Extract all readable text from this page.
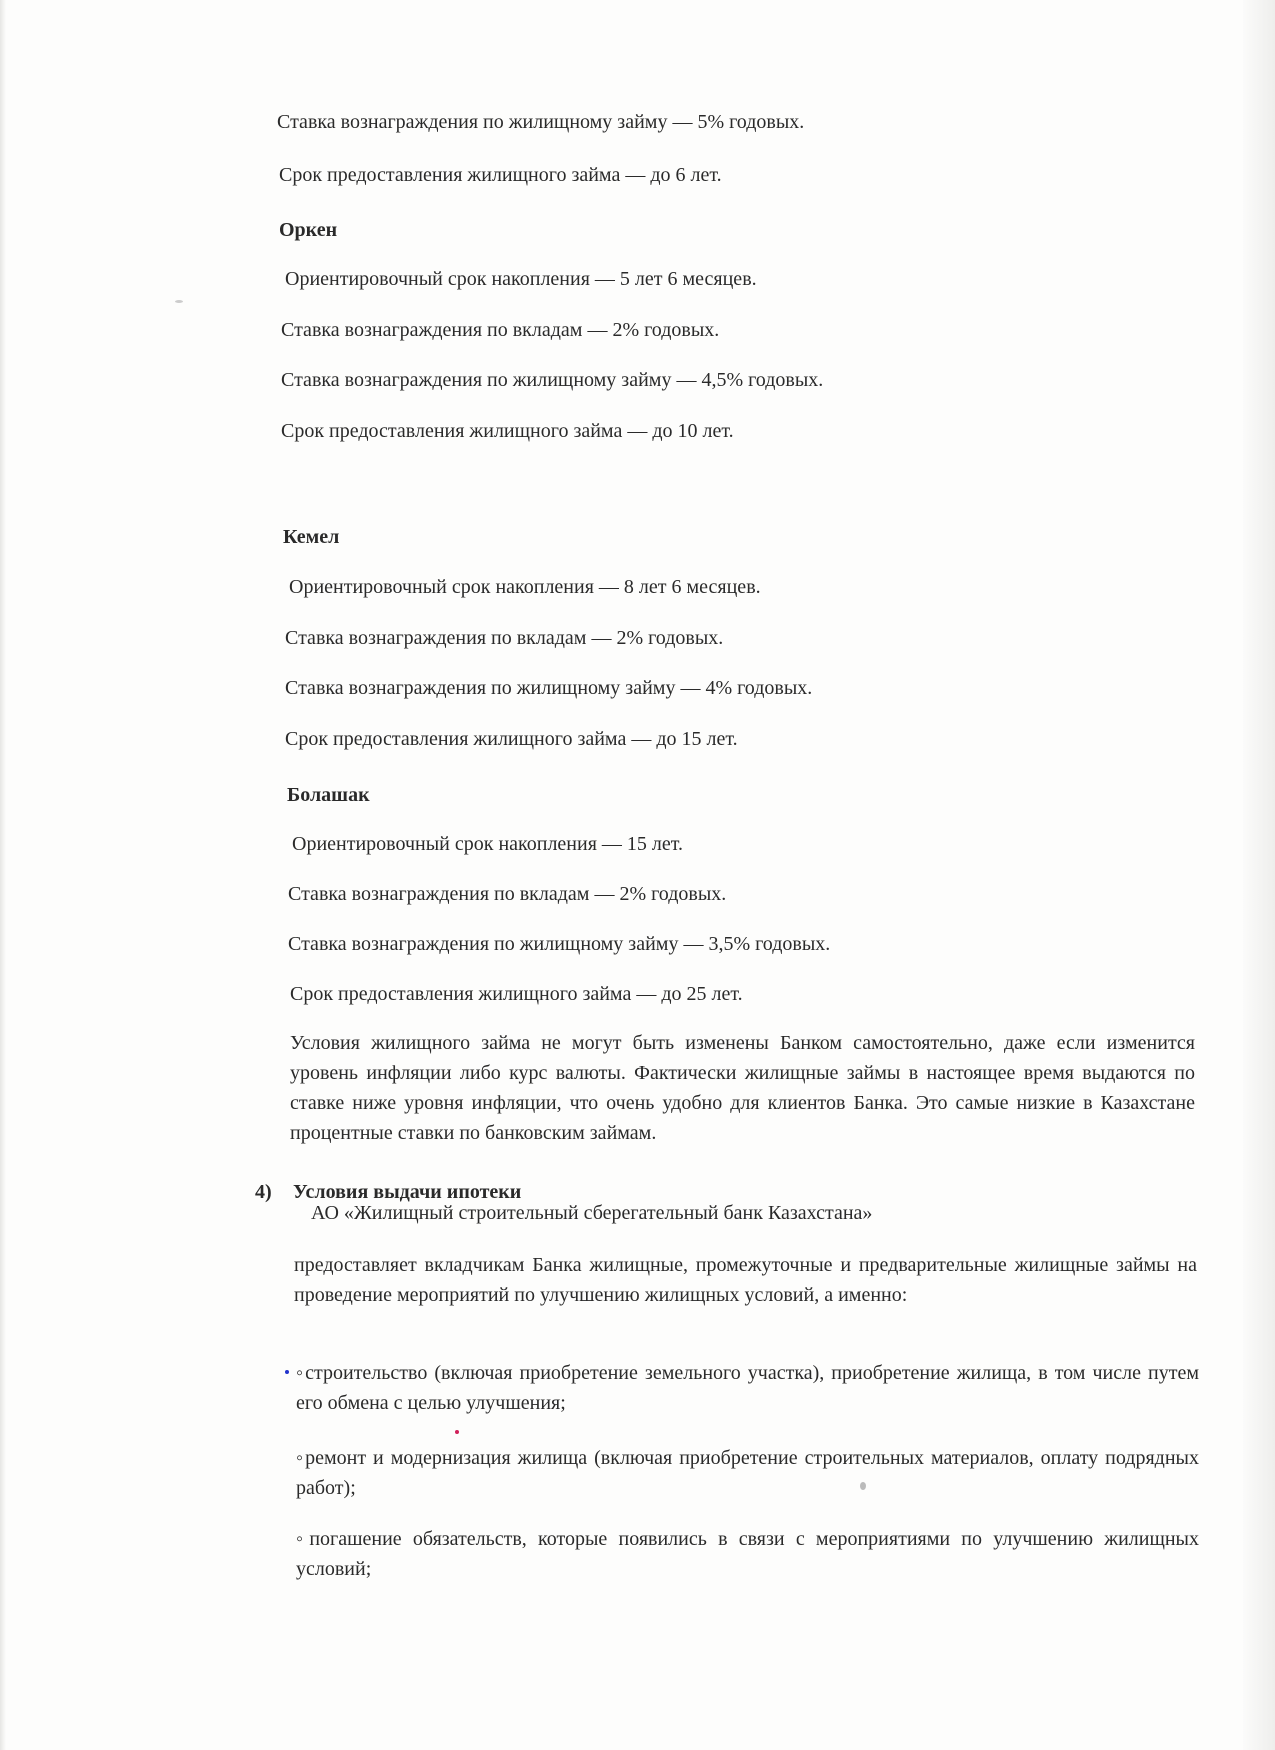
Ставка вознаграждения по жилищному займу — 5% годовых.
Срок предоставления жилищного займа — до 6 лет.
Оркен
Ориентировочный срок накопления — 5 лет 6 месяцев.
Ставка вознаграждения по вкладам — 2% годовых.
Ставка вознаграждения по жилищному займу — 4,5% годовых.
Срок предоставления жилищного займа — до 10 лет.
Кемел
Ориентировочный срок накопления — 8 лет 6 месяцев.
Ставка вознаграждения по вкладам — 2% годовых.
Ставка вознаграждения по жилищному займу — 4% годовых.
Срок предоставления жилищного займа — до 15 лет.
Болашак
Ориентировочный срок накопления — 15 лет.
Ставка вознаграждения по вкладам — 2% годовых.
Ставка вознаграждения по жилищному займу — 3,5% годовых.
Срок предоставления жилищного займа — до 25 лет.
Условия жилищного займа не могут быть изменены Банком самостоятельно, даже если изменится уровень инфляции либо курс валюты. Фактически жилищные займы в настоящее время выдаются по ставке ниже уровня инфляции, что очень удобно для клиентов Банка. Это самые низкие в Казахстане процентные ставки по банковским займам.
4) Условия выдачи ипотеки
АО «Жилищный строительный сберегательный банк Казахстана»
предоставляет вкладчикам Банка жилищные, промежуточные и предварительные жилищные займы на проведение мероприятий по улучшению жилищных условий, а именно:
◦строительство (включая приобретение земельного участка), приобретение жилища, в том числе путем его обмена с целью улучшения;
◦ремонт и модернизация жилища (включая приобретение строительных материалов, оплату подрядных работ);
◦погашение обязательств, которые появились в связи с мероприятиями по улучшению жилищных условий;
